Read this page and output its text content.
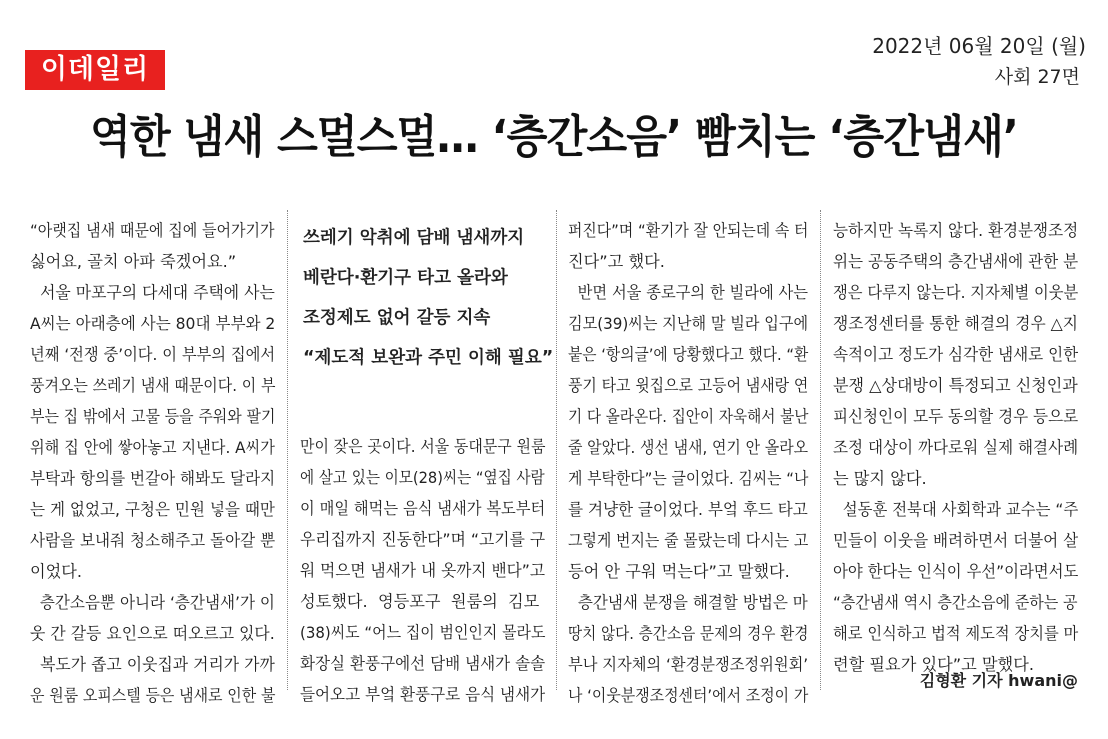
이데일리
2022년 06월 20일 (월)
사회 27면
역한 냄새 스멀스멀… ‘층간소음’ 빰치는 ‘층간냄새’
“아랫집 냄새 때문에 집에 들어가기가
싫어요, 골치 아파 죽겠어요.”
서울 마포구의 다세대 주택에 사는
A씨는 아래층에 사는 80대 부부와 2
년째 ‘전쟁 중’이다. 이 부부의 집에서
풍겨오는 쓰레기 냄새 때문이다. 이 부
부는 집 밖에서 고물 등을 주워와 팔기
위해 집 안에 쌓아놓고 지낸다. A씨가
부탁과 항의를 번갈아 해봐도 달라지
는 게 없었고, 구청은 민원 넣을 때만
사람을 보내줘 청소해주고 돌아갈 뿐
이었다.
층간소음뿐 아니라 ‘층간냄새’가 이
웃 간 갈등 요인으로 떠오르고 있다.
복도가 좁고 이웃집과 거리가 가까
운 원룸 오피스텔 등은 냄새로 인한 불
쓰레기 악취에 담배 냄새까지
베란다·환기구 타고 올라와
조정제도 없어 갈등 지속
“제도적 보완과 주민 이해 필요”
만이 잦은 곳이다. 서울 동대문구 원룸
에 살고 있는 이모(28)씨는 “옆집 사람
이 매일 해먹는 음식 냄새가 복도부터
우리집까지 진동한다”며 “고기를 구
워 먹으면 냄새가 내 옷까지 밴다”고
성토했다.  영등포구  원룸의  김모
(38)씨도 “어느 집이 범인인지 몰라도
화장실 환풍구에선 담배 냄새가 솔솔
들어오고 부엌 환풍구로 음식 냄새가
퍼진다”며 “환기가 잘 안되는데 속 터
진다”고 했다.
반면 서울 종로구의 한 빌라에 사는
김모(39)씨는 지난해 말 빌라 입구에
붙은 ‘항의글’에 당황했다고 했다. “환
풍기 타고 윗집으로 고등어 냄새랑 연
기 다 올라온다. 집안이 자욱해서 불난
줄 알았다. 생선 냄새, 연기 안 올라오
게 부탁한다”는 글이었다. 김씨는 “나
를 겨냥한 글이었다. 부엌 후드 타고
그렇게 번지는 줄 몰랐는데 다시는 고
등어 안 구워 먹는다”고 말했다.
층간냄새 분쟁을 해결할 방법은 마
땅치 않다. 층간소음 문제의 경우 환경
부나 지자체의 ‘환경분쟁조정위원회’
나 ‘이웃분쟁조정센터’에서 조정이 가
능하지만 녹록지 않다. 환경분쟁조정
위는 공동주택의 층간냄새에 관한 분
쟁은 다루지 않는다. 지자체별 이웃분
쟁조정센터를 통한 해결의 경우 △지
속적이고 정도가 심각한 냄새로 인한
분쟁 △상대방이 특정되고 신청인과
피신청인이 모두 동의할 경우 등으로
조정 대상이 까다로워 실제 해결사례
는 많지 않다.
설동훈 전북대 사회학과 교수는 “주
민들이 이웃을 배려하면서 더불어 살
아야 한다는 인식이 우선”이라면서도
“층간냄새 역시 층간소음에 준하는 공
해로 인식하고 법적 제도적 장치를 마
련할 필요가 있다”고 말했다.
김형환 기자 hwani@
